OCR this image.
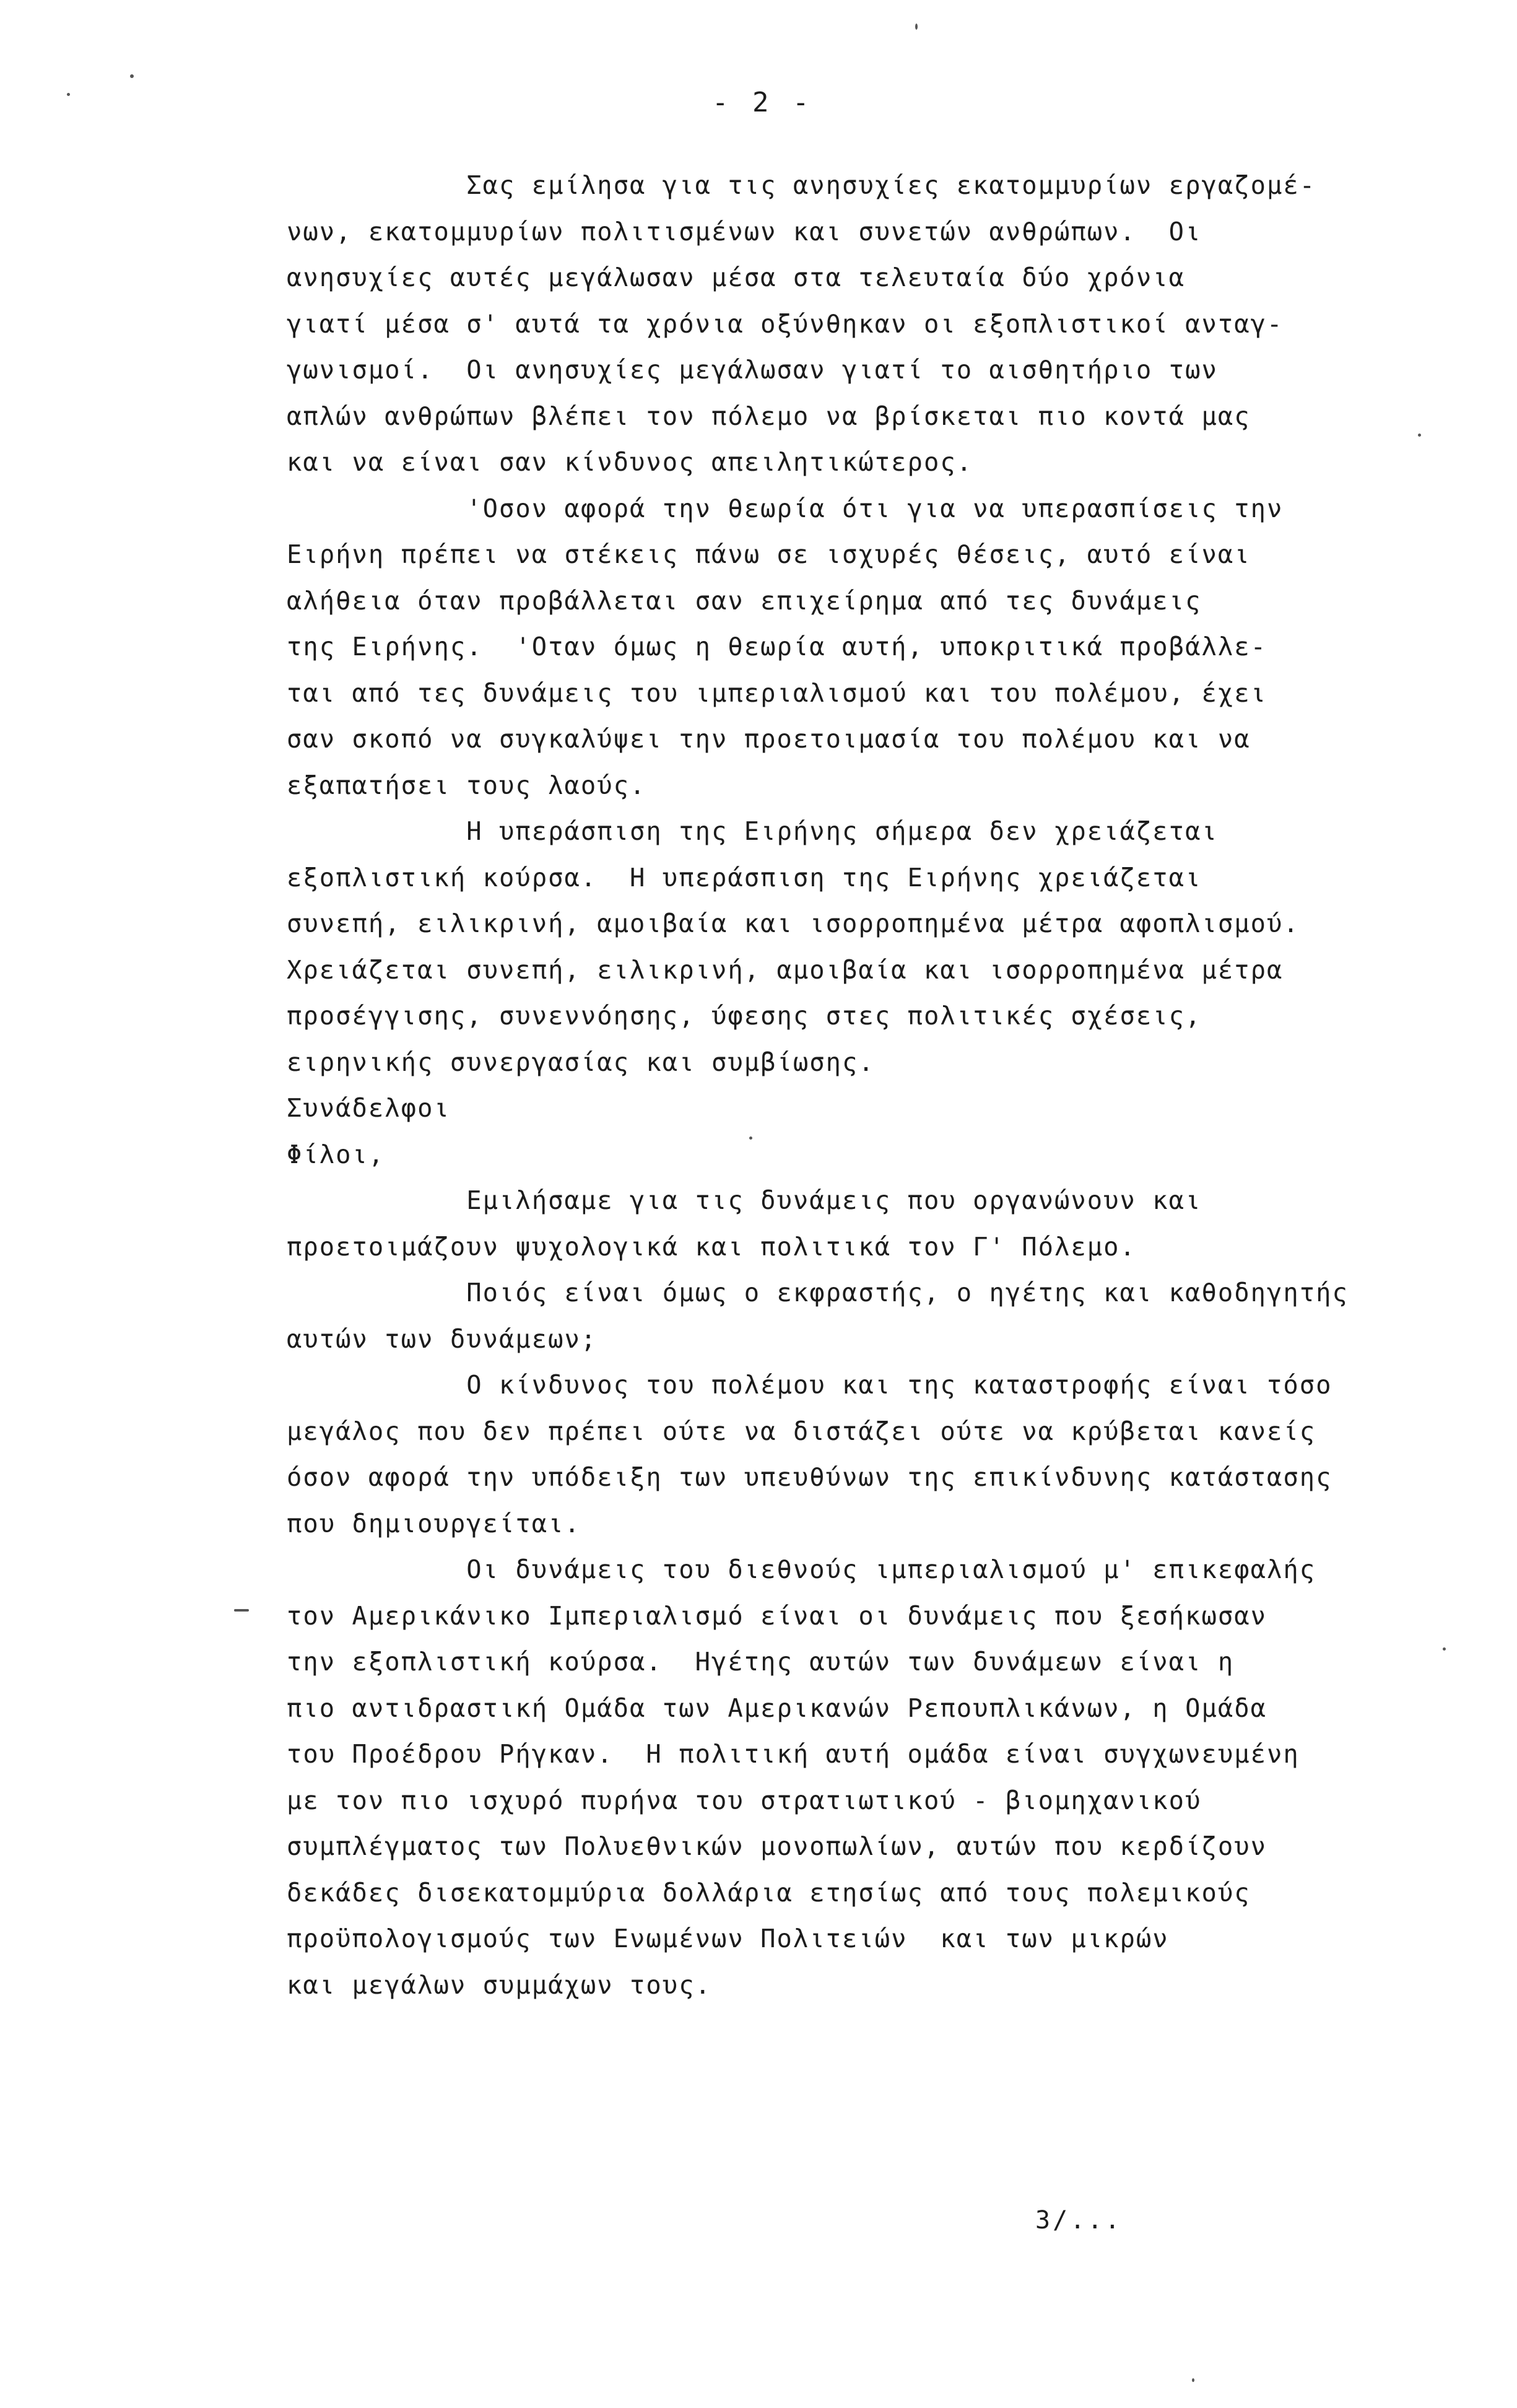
- 2 -
Σας εμίλησα για τις ανησυχίες εκατομμυρίων εργαζομέ-
νων, εκατομμυρίων πολιτισμένων και συνετών ανθρώπων.  Οι
ανησυχίες αυτές μεγάλωσαν μέσα στα τελευταία δύο χρόνια
γιατί μέσα σ' αυτά τα χρόνια οξύνθηκαν οι εξοπλιστικοί ανταγ-
γωνισμοί.  Οι ανησυχίες μεγάλωσαν γιατί το αισθητήριο των
απλών ανθρώπων βλέπει τον πόλεμο να βρίσκεται πιο κοντά μας
και να είναι σαν κίνδυνος απειλητικώτερος.
'Οσον αφορά την θεωρία ότι για να υπερασπίσεις την
Ειρήνη πρέπει να στέκεις πάνω σε ισχυρές θέσεις, αυτό είναι
αλήθεια όταν προβάλλεται σαν επιχείρημα από τες δυνάμεις
της Ειρήνης.  'Οταν όμως η θεωρία αυτή, υποκριτικά προβάλλε-
ται από τες δυνάμεις του ιμπεριαλισμού και του πολέμου, έχει
σαν σκοπό να συγκαλύψει την προετοιμασία του πολέμου και να
εξαπατήσει τους λαούς.
Η υπεράσπιση της Ειρήνης σήμερα δεν χρειάζεται
εξοπλιστική κούρσα.  Η υπεράσπιση της Ειρήνης χρειάζεται
συνεπή, ειλικρινή, αμοιβαία και ισορροπημένα μέτρα αφοπλισμού.
Χρειάζεται συνεπή, ειλικρινή, αμοιβαία και ισορροπημένα μέτρα
προσέγγισης, συνεννόησης, ύφεσης στες πολιτικές σχέσεις,
ειρηνικής συνεργασίας και συμβίωσης.
Συνάδελφοι
Φίλοι,
Εμιλήσαμε για τις δυνάμεις που οργανώνουν και
προετοιμάζουν ψυχολογικά και πολιτικά τον Γ' Πόλεμο.
Ποιός είναι όμως ο εκφραστής, ο ηγέτης και καθοδηγητής
αυτών των δυνάμεων;
Ο κίνδυνος του πολέμου και της καταστροφής είναι τόσο
μεγάλος που δεν πρέπει ούτε να διστάζει ούτε να κρύβεται κανείς
όσον αφορά την υπόδειξη των υπευθύνων της επικίνδυνης κατάστασης
που δημιουργείται.
Οι δυνάμεις του διεθνούς ιμπεριαλισμού μ' επικεφαλής
τον Αμερικάνικο Ιμπεριαλισμό είναι οι δυνάμεις που ξεσήκωσαν
την εξοπλιστική κούρσα.  Ηγέτης αυτών των δυνάμεων είναι η
πιο αντιδραστική Ομάδα των Αμερικανών Ρεπουπλικάνων, η Ομάδα
του Προέδρου Ρήγκαν.  Η πολιτική αυτή ομάδα είναι συγχωνευμένη
με τον πιο ισχυρό πυρήνα του στρατιωτικού - βιομηχανικού
συμπλέγματος των Πολυεθνικών μονοπωλίων, αυτών που κερδίζουν
δεκάδες δισεκατομμύρια δολλάρια ετησίως από τους πολεμικούς
προϋπολογισμούς των Ενωμένων Πολιτειών  και των μικρών
και μεγάλων συμμάχων τους.
3/...
